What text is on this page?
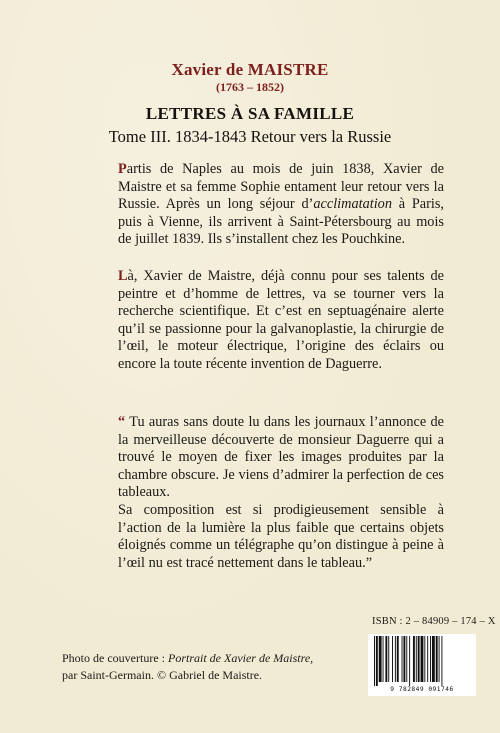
Xavier de MAISTRE
(1763 – 1852)
LETTRES À SA FAMILLE
Tome III. 1834-1843 Retour vers la Russie

Partis de Naples au mois de juin 1838, Xavier de Maistre et sa femme Sophie entament leur retour vers la Russie. Après un long séjour d’acclimatation à Paris, puis à Vienne, ils arrivent à Saint-Pétersbourg au mois de juillet 1839. Ils s’installent chez les Pouchkine.

Là, Xavier de Maistre, déjà connu pour ses talents de peintre et d’homme de lettres, va se tourner vers la recherche scientifique. Et c’est en septuagénaire alerte qu’il se passionne pour la galvanoplastie, la chirurgie de l’œil, le moteur électrique, l’origine des éclairs ou encore la toute récente invention de Daguerre.

“ Tu auras sans doute lu dans les journaux l’annonce de la merveilleuse découverte de monsieur Daguerre qui a trouvé le moyen de fixer les images produites par la chambre obscure. Je viens d’admirer la perfection de ces tableaux.

Sa composition est si prodigieusement sensible à l’action de la lumière la plus faible que certains objets éloignés comme un télégraphe qu’on distingue à peine à l’œil nu est tracé nettement dans le tableau.”

ISBN : 2 – 84909 – 174 – X
Photo de couverture : Portrait de Xavier de Maistre,
par Saint-Germain. © Gabriel de Maistre.
9 782849 091746
